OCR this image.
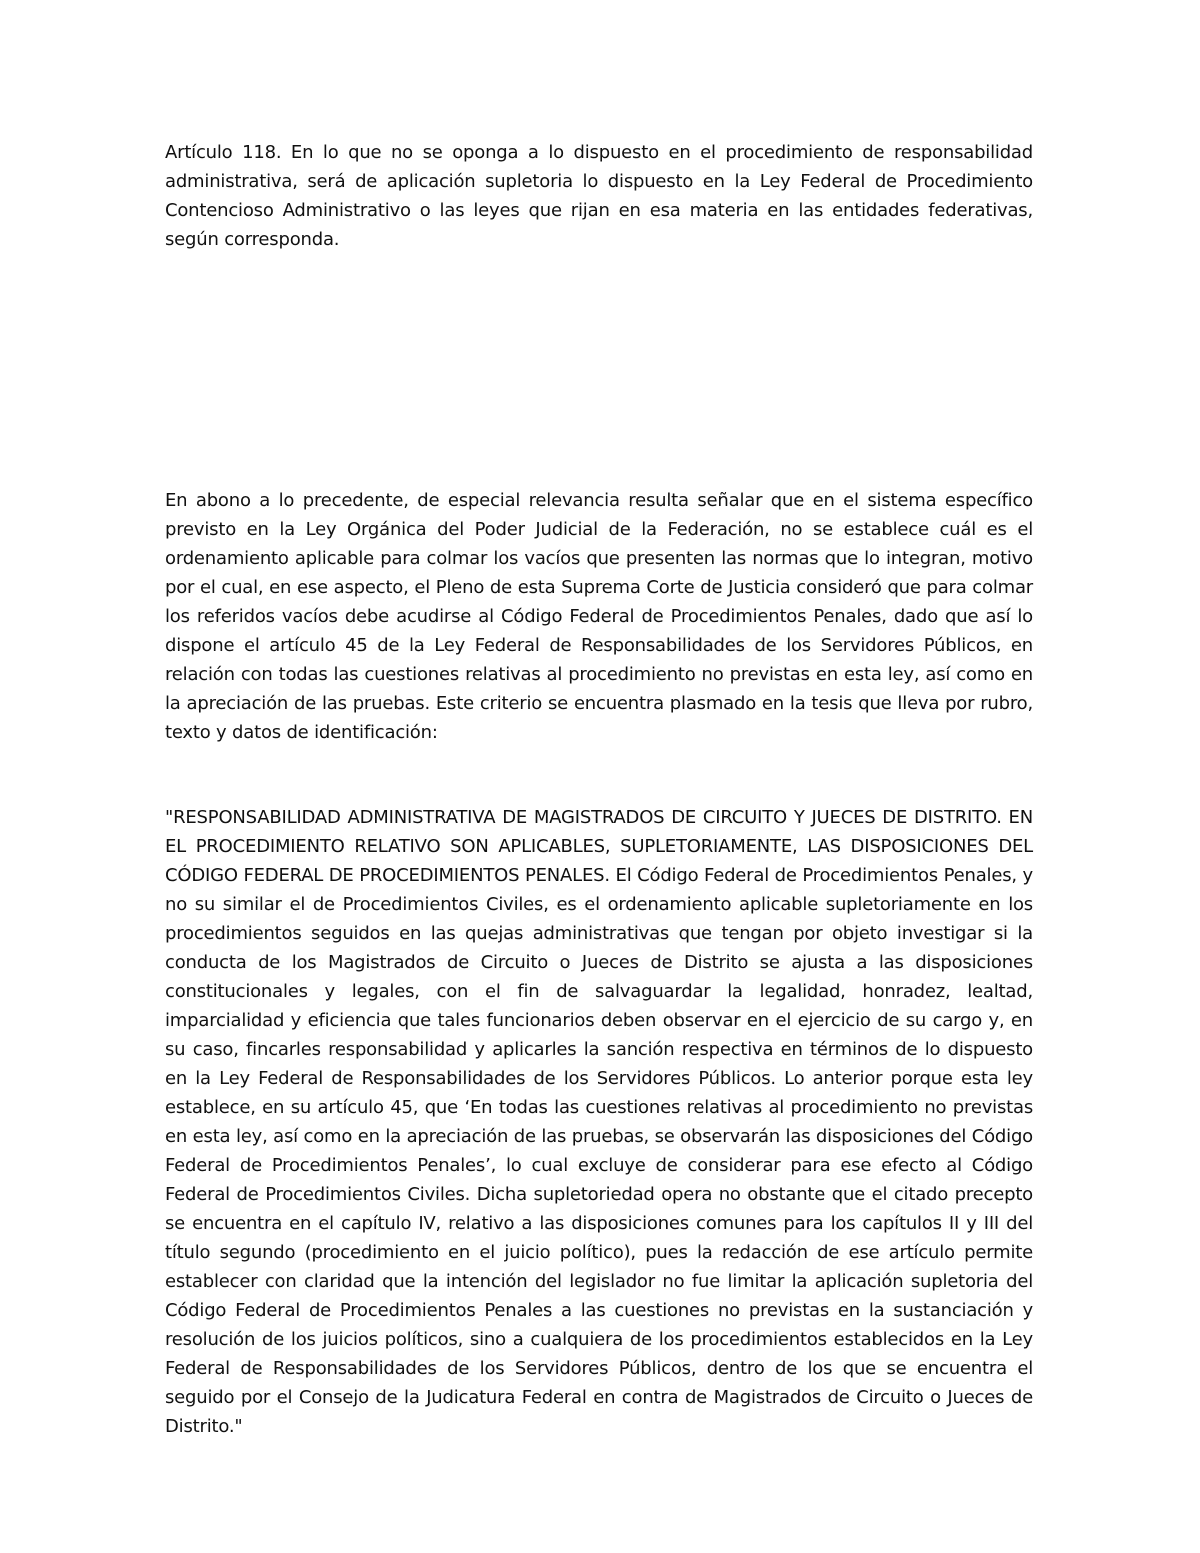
Artículo 118. En lo que no se oponga a lo dispuesto en el procedimiento de responsabilidad administrativa, será de aplicación supletoria lo dispuesto en la Ley Federal de Procedimiento Contencioso Administrativo o las leyes que rijan en esa materia en las entidades federativas, según corresponda.

En abono a lo precedente, de especial relevancia resulta señalar que en el sistema específico previsto en la Ley Orgánica del Poder Judicial de la Federación, no se establece cuál es el ordenamiento aplicable para colmar los vacíos que presenten las normas que lo integran, motivo por el cual, en ese aspecto, el Pleno de esta Suprema Corte de Justicia consideró que para colmar los referidos vacíos debe acudirse al Código Federal de Procedimientos Penales, dado que así lo dispone el artículo 45 de la Ley Federal de Responsabilidades de los Servidores Públicos, en relación con todas las cuestiones relativas al procedimiento no previstas en esta ley, así como en la apreciación de las pruebas. Este criterio se encuentra plasmado en la tesis que lleva por rubro, texto y datos de identificación:

"RESPONSABILIDAD ADMINISTRATIVA DE MAGISTRADOS DE CIRCUITO Y JUECES DE DISTRITO. EN EL PROCEDIMIENTO RELATIVO SON APLICABLES, SUPLETORIAMENTE, LAS DISPOSICIONES DEL CÓDIGO FEDERAL DE PROCEDIMIENTOS PENALES. El Código Federal de Procedimientos Penales, y no su similar el de Procedimientos Civiles, es el ordenamiento aplicable supletoriamente en los procedimientos seguidos en las quejas administrativas que tengan por objeto investigar si la conducta de los Magistrados de Circuito o Jueces de Distrito se ajusta a las disposiciones constitucionales y legales, con el fin de salvaguardar la legalidad, honradez, lealtad, imparcialidad y eficiencia que tales funcionarios deben observar en el ejercicio de su cargo y, en su caso, fincarles responsabilidad y aplicarles la sanción respectiva en términos de lo dispuesto en la Ley Federal de Responsabilidades de los Servidores Públicos. Lo anterior porque esta ley establece, en su artículo 45, que ‘En todas las cuestiones relativas al procedimiento no previstas en esta ley, así como en la apreciación de las pruebas, se observarán las disposiciones del Código Federal de Procedimientos Penales’, lo cual excluye de considerar para ese efecto al Código Federal de Procedimientos Civiles. Dicha supletoriedad opera no obstante que el citado precepto se encuentra en el capítulo IV, relativo a las disposiciones comunes para los capítulos II y III del título segundo (procedimiento en el juicio político), pues la redacción de ese artículo permite establecer con claridad que la intención del legislador no fue limitar la aplicación supletoria del Código Federal de Procedimientos Penales a las cuestiones no previstas en la sustanciación y resolución de los juicios políticos, sino a cualquiera de los procedimientos establecidos en la Ley Federal de Responsabilidades de los Servidores Públicos, dentro de los que se encuentra el seguido por el Consejo de la Judicatura Federal en contra de Magistrados de Circuito o Jueces de Distrito."
